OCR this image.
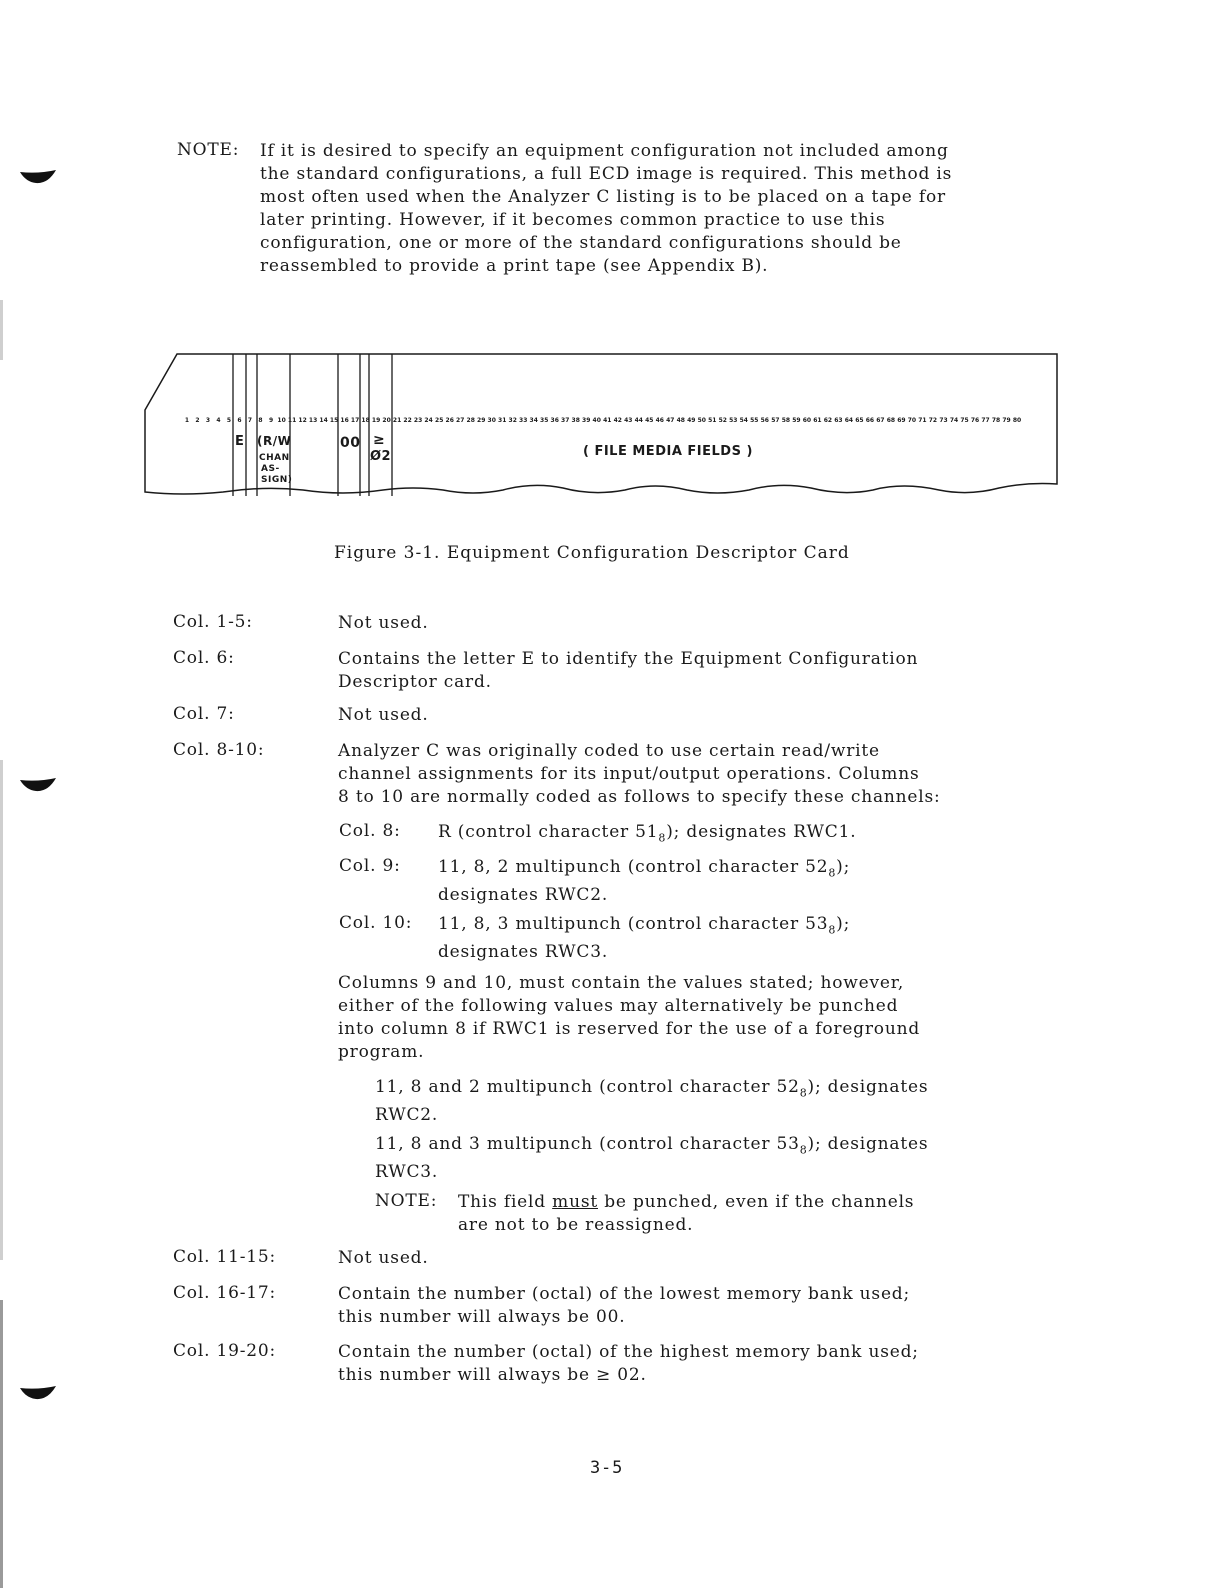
NOTE: If it is desired to specify an equipment configuration not included among the standard configurations, a full ECD image is required. This method is most often used when the Analyzer C listing is to be placed on a tape for later printing. However, if it becomes common practice to use this configuration, one or more of the standard configurations should be reassembled to provide a print tape (see Appendix B).
1 2 3 4 5 6 7 8 9 10 11 12 13 14 15 16 17 18 19 20 21 22 23 24 25 26 27 28 29 30 31 32 33 34 35 36 37 38 39 40 41 42 43 44 45 46 47 48 49 50 51 52 53 54 55 56 57 58 59 60 61 62 63 64 65 66 67 68 69 70 71 72 73 74 75 76 77 78 79 80
E (R/W
CHAN
AS-
SIGN)
00 ≥
Ø2	( FILE MEDIA FIELDS )
Figure 3-1. Equipment Configuration Descriptor Card
Col. 1-5:	Not used.
Col. 6:	Contains the letter E to identify the Equipment Configuration
Descriptor card.
Col. 7:	Not used.
Col. 8-10:	Analyzer C was originally coded to use certain read/write
channel assignments for its input/output operations. Columns
8 to 10 are normally coded as follows to specify these channels:
Col. 8: R (control character $51_8$); designates RWC1.
Col. 9: 11, 8, 2 multipunch (control character $52_8$);
designates RWC2.
Col. 10: 11, 8, 3 multipunch (control character $53_8$);
designates RWC3.
Columns 9 and 10, must contain the values stated; however,
either of the following values may alternatively be punched
into column 8 if RWC1 is reserved for the use of a foreground
program.
11, 8 and 2 multipunch (control character $52_8$); designates
RWC2.
11, 8 and 3 multipunch (control character $53_8$); designates
RWC3.
NOTE: This field must be punched, even if the channels
are not to be reassigned.
Col. 11-15:	Not used.
Col. 16-17:	Contain the number (octal) of the lowest memory bank used;
this number will always be 00.
Col. 19-20:	Contain the number (octal) of the highest memory bank used;
this number will always be ≥ 02.
3-5
